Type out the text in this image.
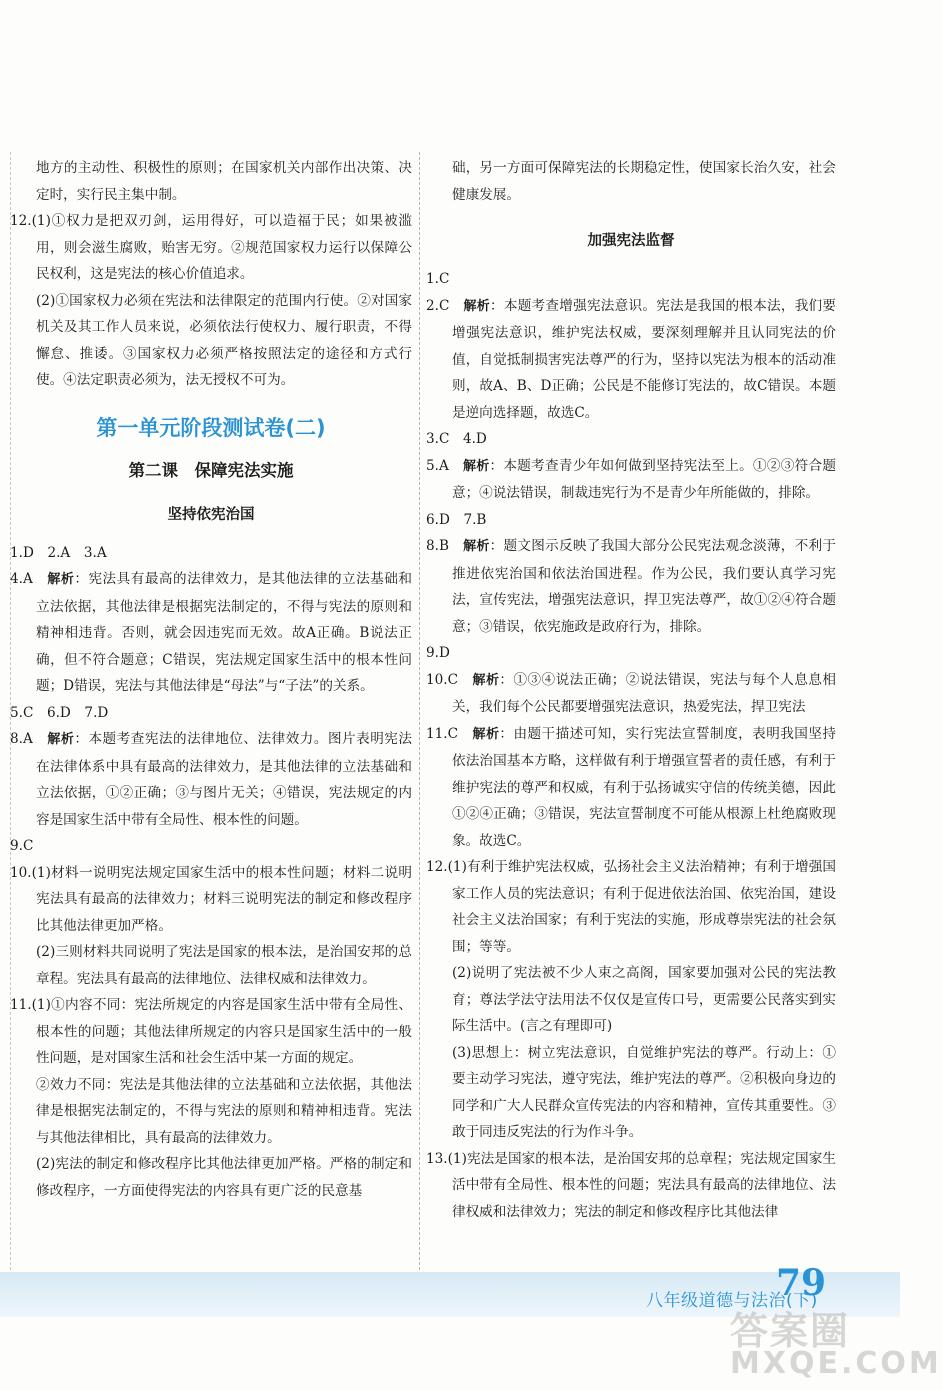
地方的主动性、积极性的原则；在国家机关内部作出决策、决定时，实行民主集中制。

12.(1)①权力是把双刃剑，运用得好，可以造福于民；如果被滥用，则会滋生腐败，贻害无穷。②规范国家权力运行以保障公民权利，这是宪法的核心价值追求。

(2)①国家权力必须在宪法和法律限定的范围内行使。②对国家机关及其工作人员来说，必须依法行使权力、履行职责，不得懈怠、推诿。③国家权力必须严格按照法定的途径和方式行使。④法定职责必须为，法无授权不可为。

第一单元阶段测试卷(二)
第二课　保障宪法实施

坚持依宪治国

1.D　2.A　3.A

4.A　解析：宪法具有最高的法律效力，是其他法律的立法基础和立法依据，其他法律是根据宪法制定的，不得与宪法的原则和精神相违背。否则，就会因违宪而无效。故A正确。B说法正确，但不符合题意；C错误，宪法规定国家生活中的根本性问题；D错误，宪法与其他法律是“母法”与“子法”的关系。

5.C　6.D　7.D

8.A　解析：本题考查宪法的法律地位、法律效力。图片表明宪法在法律体系中具有最高的法律效力，是其他法律的立法基础和立法依据，①②正确；③与图片无关；④错误，宪法规定的内容是国家生活中带有全局性、根本性的问题。

9.C

10.(1)材料一说明宪法规定国家生活中的根本性问题；材料二说明宪法具有最高的法律效力；材料三说明宪法的制定和修改程序比其他法律更加严格。

(2)三则材料共同说明了宪法是国家的根本法，是治国安邦的总章程。宪法具有最高的法律地位、法律权威和法律效力。

11.(1)①内容不同：宪法所规定的内容是国家生活中带有全局性、根本性的问题；其他法律所规定的内容只是国家生活中的一般性问题，是对国家生活和社会生活中某一方面的规定。

②效力不同：宪法是其他法律的立法基础和立法依据，其他法律是根据宪法制定的，不得与宪法的原则和精神相违背。宪法与其他法律相比，具有最高的法律效力。

(2)宪法的制定和修改程序比其他法律更加严格。严格的制定和修改程序，一方面使得宪法的内容具有更广泛的民意基

础，另一方面可保障宪法的长期稳定性，使国家长治久安，社会健康发展。

加强宪法监督

1.C

2.C　解析：本题考查增强宪法意识。宪法是我国的根本法，我们要增强宪法意识，维护宪法权威，要深刻理解并且认同宪法的价值，自觉抵制损害宪法尊严的行为，坚持以宪法为根本的活动准则，故A、B、D正确；公民是不能修订宪法的，故C错误。本题是逆向选择题，故选C。

3.C　4.D

5.A　解析：本题考查青少年如何做到坚持宪法至上。①②③符合题意；④说法错误，制裁违宪行为不是青少年所能做的，排除。

6.D　7.B

8.B　解析：题文图示反映了我国大部分公民宪法观念淡薄，不利于推进依宪治国和依法治国进程。作为公民，我们要认真学习宪法，宣传宪法，增强宪法意识，捍卫宪法尊严，故①②④符合题意；③错误，依宪施政是政府行为，排除。

9.D

10.C　解析：①③④说法正确；②说法错误，宪法与每个人息息相关，我们每个公民都要增强宪法意识，热爱宪法，捍卫宪法

11.C　解析：由题干描述可知，实行宪法宣誓制度，表明我国坚持依法治国基本方略，这样做有利于增强宣誓者的责任感，有利于维护宪法的尊严和权威，有利于弘扬诚实守信的传统美德，因此①②④正确；③错误，宪法宣誓制度不可能从根源上杜绝腐败现象。故选C。

12.(1)有利于维护宪法权威，弘扬社会主义法治精神；有利于增强国家工作人员的宪法意识；有利于促进依法治国、依宪治国，建设社会主义法治国家；有利于宪法的实施，形成尊崇宪法的社会氛围；等等。

(2)说明了宪法被不少人束之高阁，国家要加强对公民的宪法教育；尊法学法守法用法不仅仅是宣传口号，更需要公民落实到实际生活中。(言之有理即可)

(3)思想上：树立宪法意识，自觉维护宪法的尊严。行动上：①要主动学习宪法，遵守宪法，维护宪法的尊严。②积极向身边的同学和广大人民群众宣传宪法的内容和精神，宣传其重要性。③敢于同违反宪法的行为作斗争。

13.(1)宪法是国家的根本法，是治国安邦的总章程；宪法规定国家生活中带有全局性、根本性的问题；宪法具有最高的法律地位、法律权威和法律效力；宪法的制定和修改程序比其他法律

八年级道德与法治(下)
79
答案圈
MXQE.COM
